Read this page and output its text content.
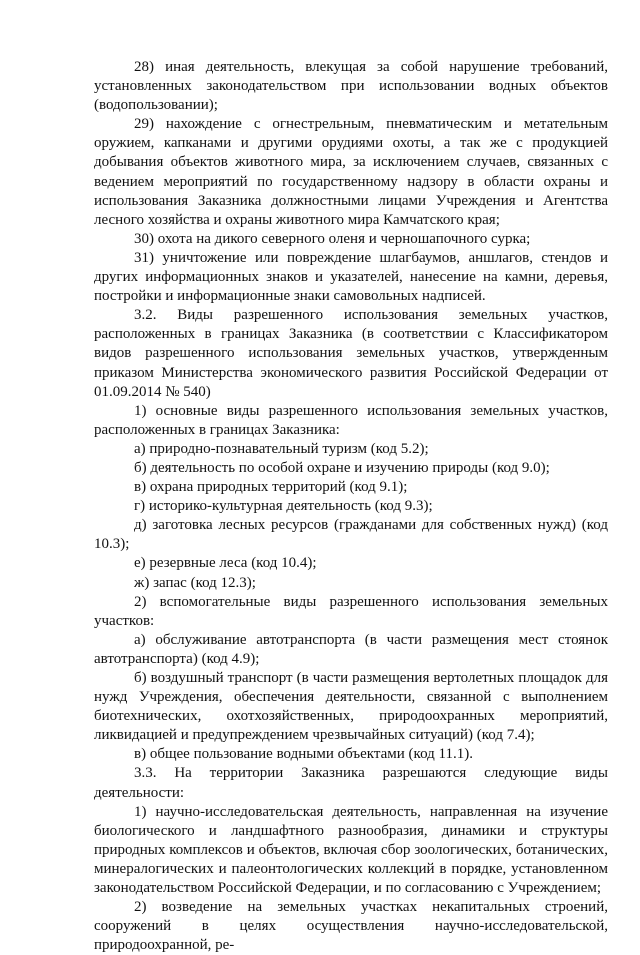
28) иная деятельность, влекущая за собой нарушение требований, установленных законодательством при использовании водных объектов (водопользовании);

29) нахождение с огнестрельным, пневматическим и метательным оружием, капканами и другими орудиями охоты, а так же с продукцией добывания объектов животного мира, за исключением случаев, связанных с ведением мероприятий по государственному надзору в области охраны и использования Заказника должностными лицами Учреждения и Агентства лесного хозяйства и охраны животного мира Камчатского края;

30) охота на дикого северного оленя и черношапочного сурка;

31) уничтожение или повреждение шлагбаумов, аншлагов, стендов и других информационных знаков и указателей, нанесение на камни, деревья, постройки и информационные знаки самовольных надписей.

3.2. Виды разрешенного использования земельных участков, расположенных в границах Заказника (в соответствии с Классификатором видов разрешенного использования земельных участков, утвержденным приказом Министерства экономического развития Российской Федерации от 01.09.2014 № 540)

1) основные виды разрешенного использования земельных участков, расположенных в границах Заказника:

а) природно-познавательный туризм (код 5.2);

б) деятельность по особой охране и изучению природы (код 9.0);

в) охрана природных территорий (код 9.1);

г) историко-культурная деятельность (код 9.3);

д) заготовка лесных ресурсов (гражданами для собственных нужд) (код 10.3);

е) резервные леса (код 10.4);

ж) запас (код 12.3);

2) вспомогательные виды разрешенного использования земельных участков:

а) обслуживание автотранспорта (в части размещения мест стоянок автотранспорта) (код 4.9);

б) воздушный транспорт (в части размещения вертолетных площадок для нужд Учреждения, обеспечения деятельности, связанной с выполнением биотехнических, охотхозяйственных, природоохранных мероприятий, ликвидацией и предупреждением чрезвычайных ситуаций) (код 7.4);

в) общее пользование водными объектами (код 11.1).

3.3. На территории Заказника разрешаются следующие виды деятельности:

1) научно-исследовательская деятельность, направленная на изучение биологического и ландшафтного разнообразия, динамики и структуры природных комплексов и объектов, включая сбор зоологических, ботанических, минералогических и палеонтологических коллекций в порядке, установленном законодательством Российской Федерации, и по согласованию с Учреждением;

2) возведение на земельных участках некапитальных строений, сооружений в целях осуществления научно-исследовательской, природоохранной, ре-
